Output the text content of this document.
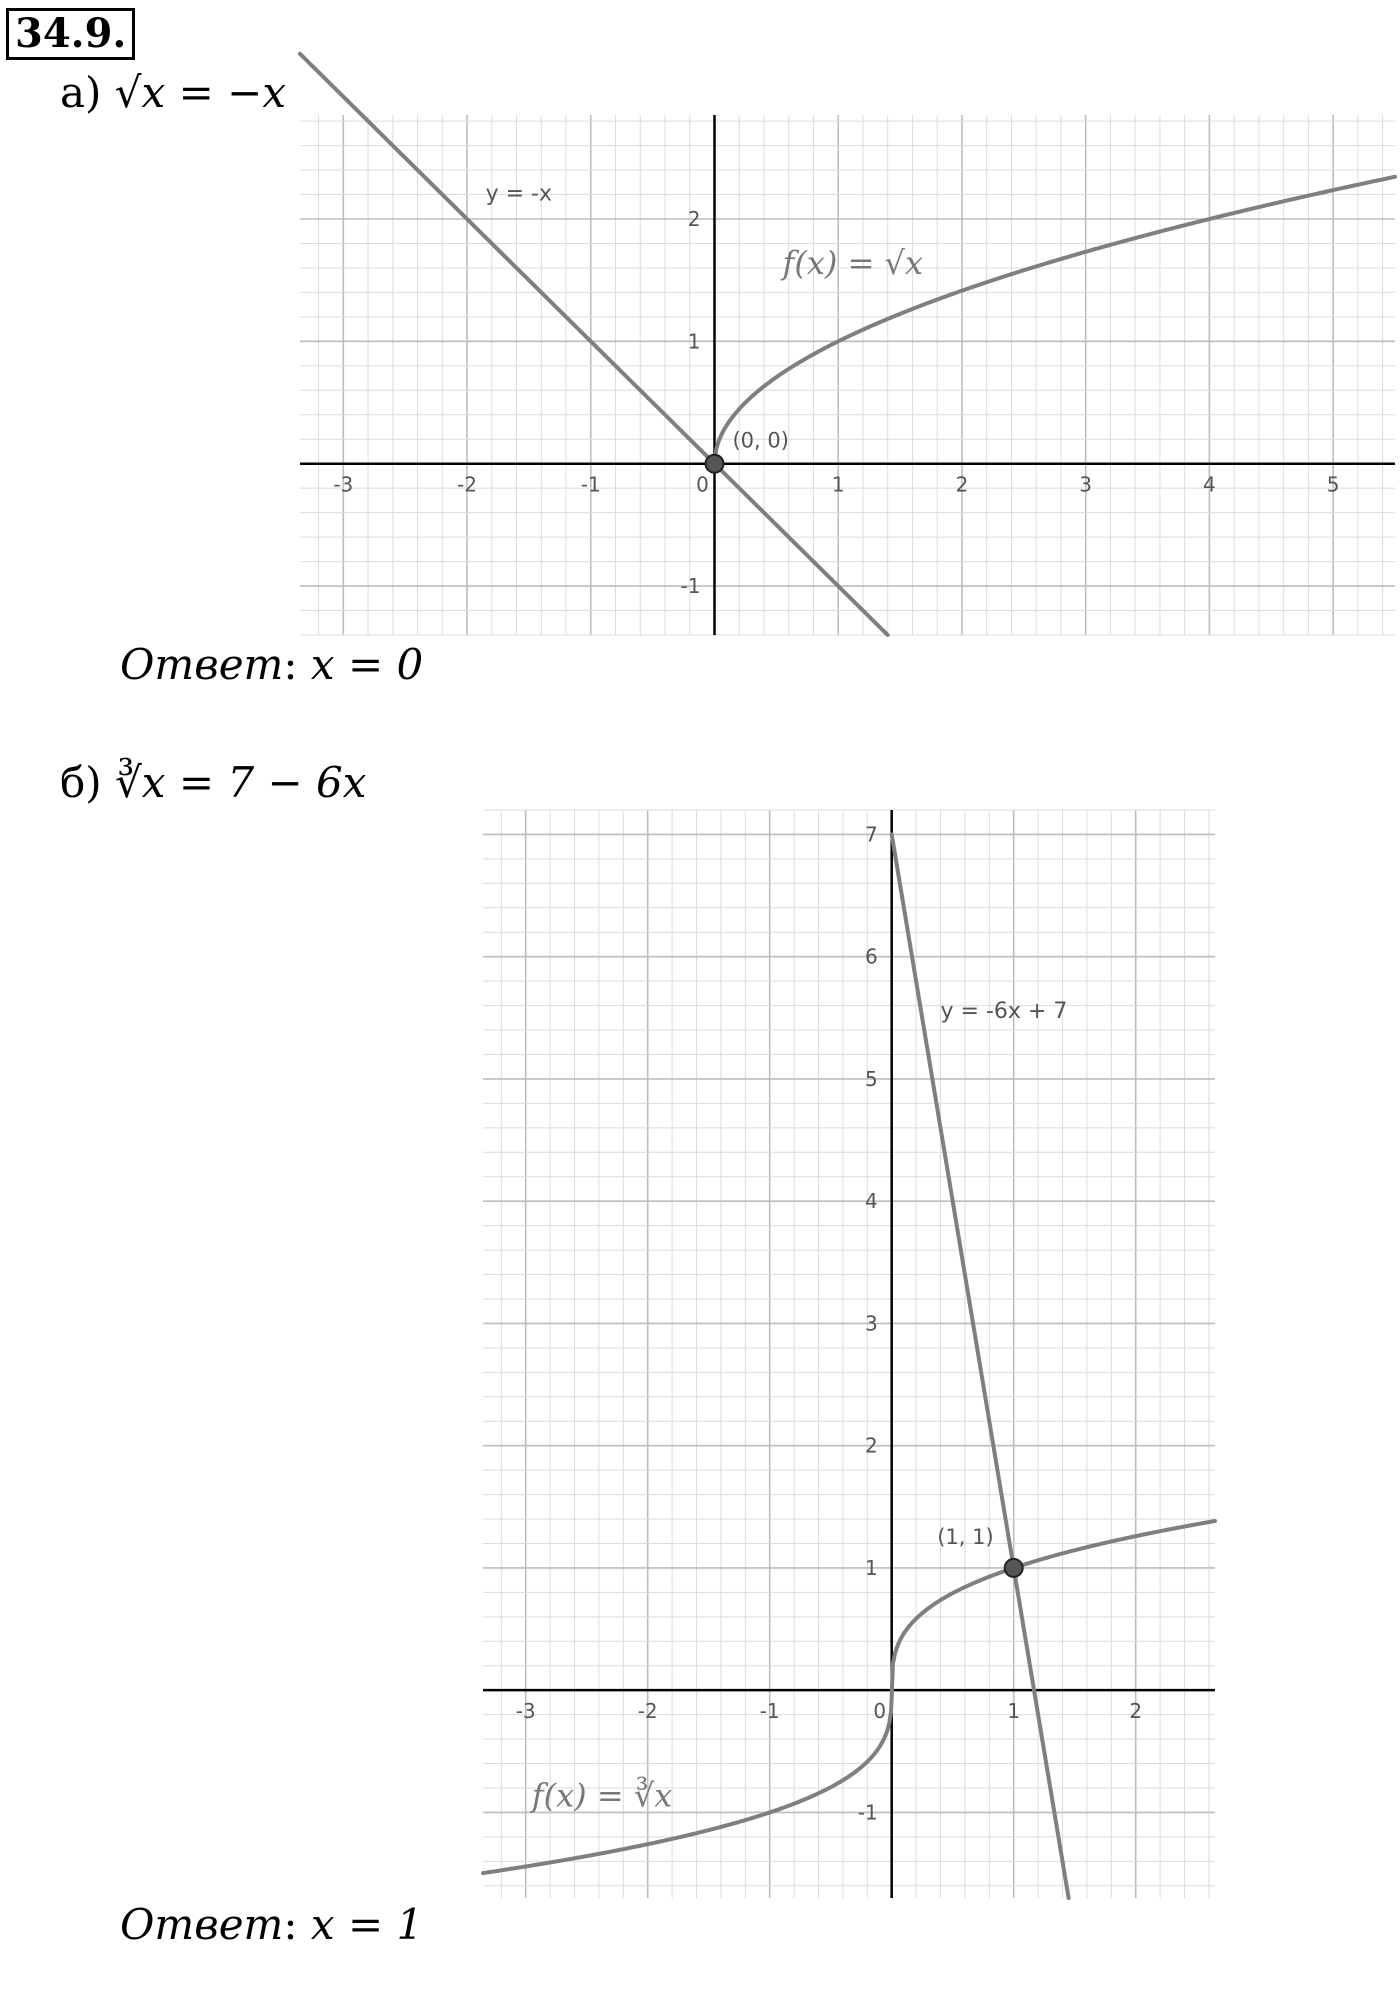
34.9.
а) √x = −x
-3	-2	-1	0	1	2	3	4	5
-1
1
2
(0, 0)
y = -x
f(x) = √x
Ответ: x = 0
б) ∛x = 7 − 6x
-3	-2	-1	0	1	2
-1
1
2
3
4
5
6
7
(1, 1)
y = -6x + 7
f(x) = ∛x
Ответ: x = 1
